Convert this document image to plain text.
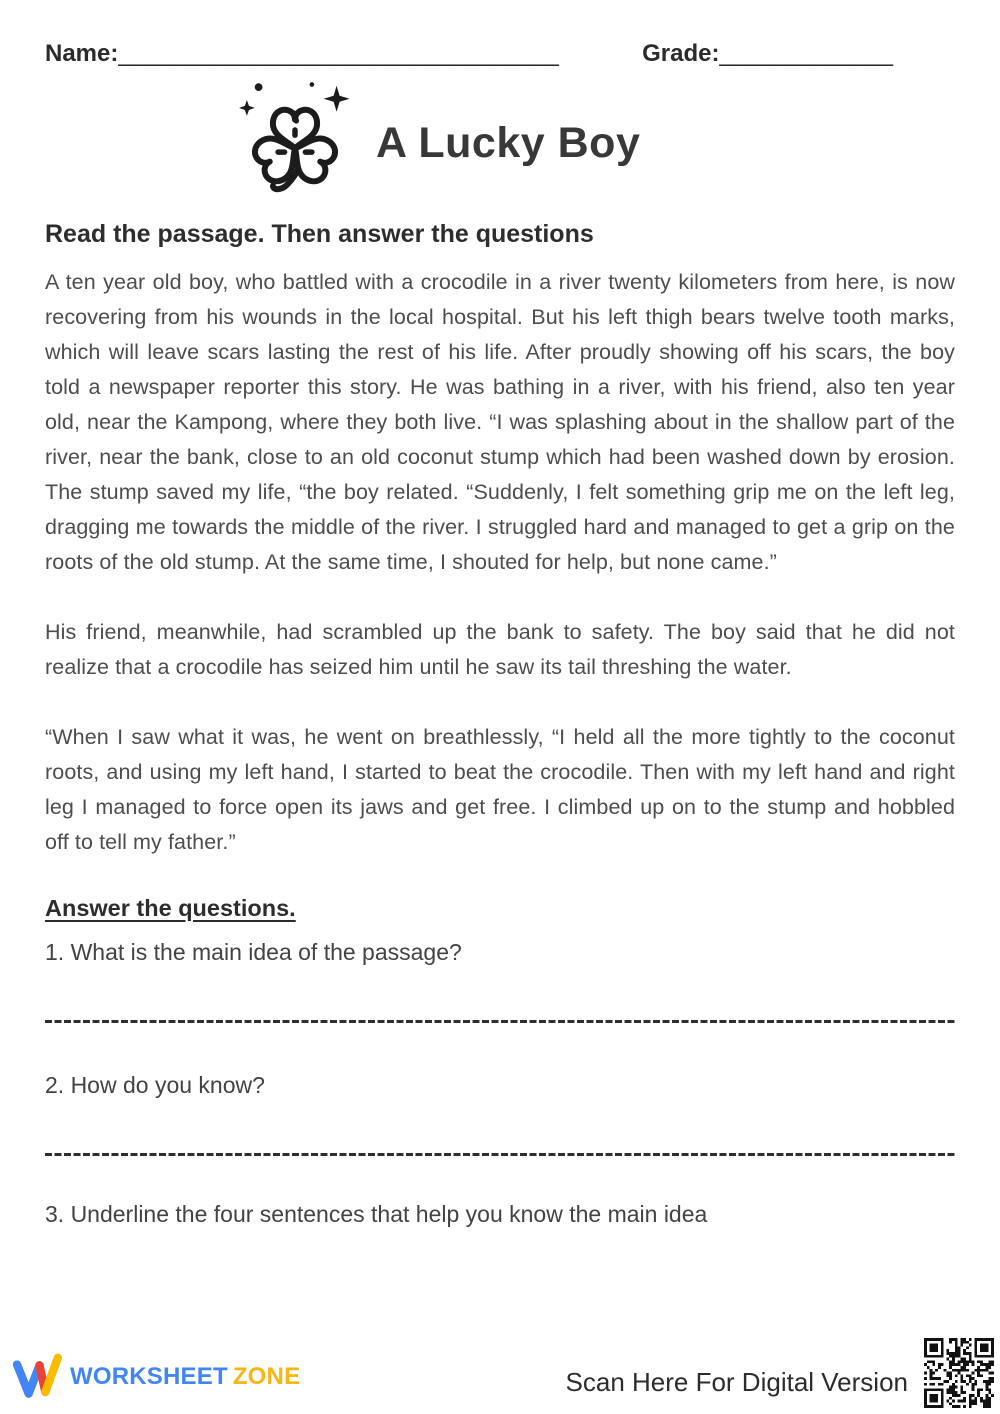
Name:_________________________________	Grade:_____________
A Lucky Boy
Read the passage. Then answer the questions

A ten year old boy, who battled with a crocodile in a river twenty kilometers from here, is now recovering from his wounds in the local hospital. But his left thigh bears twelve tooth marks, which will leave scars lasting the rest of his life. After proudly showing off his scars, the boy told a newspaper reporter this story. He was bathing in a river, with his friend, also ten year old, near the Kampong, where they both live. “I was splashing about in the shallow part of the river, near the bank, close to an old coconut stump which had been washed down by erosion. The stump saved my life, “the boy related. “Suddenly, I felt something grip me on the left leg, dragging me towards the middle of the river. I struggled hard and managed to get a grip on the roots of the old stump. At the same time, I shouted for help, but none came.”

His friend, meanwhile, had scrambled up the bank to safety. The boy said that he did not realize that a crocodile has seized him until he saw its tail threshing the water.

“When I saw what it was, he went on breathlessly, “I held all the more tightly to the coconut roots, and using my left hand, I started to beat the crocodile. Then with my left hand and right leg I managed to force open its jaws and get free. I climbed up on to the stump and hobbled off to tell my father.”

Answer the questions.
1. What is the main idea of the passage?
2. How do you know?
3. Underline the four sentences that help you know the main idea
WORKSHEET ZONE	Scan Here For Digital Version
